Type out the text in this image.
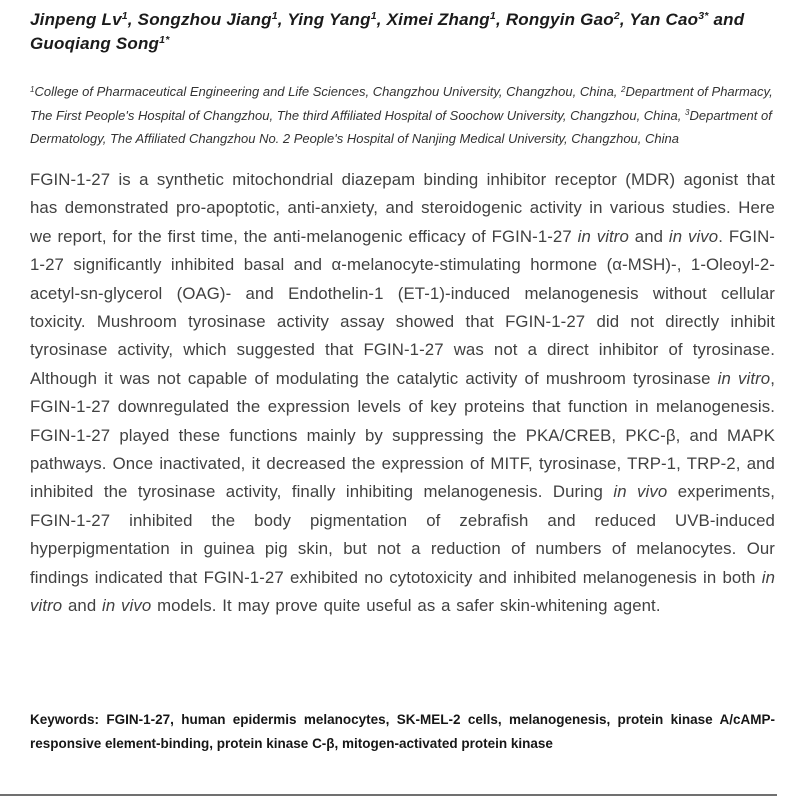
Jinpeng Lv$^1$, Songzhou Jiang$^1$, Ying Yang$^1$, Ximei Zhang$^1$, Rongyin Gao$^2$, Yan Cao$^{3*}$ and Guoqiang Song$^{1*}$

$^1$College of Pharmaceutical Engineering and Life Sciences, Changzhou University, Changzhou, China, $^2$Department of Pharmacy, The First People's Hospital of Changzhou, The third Affiliated Hospital of Soochow University, Changzhou, China, $^3$Department of Dermatology, The Affiliated Changzhou No. 2 People's Hospital of Nanjing Medical University, Changzhou, China

FGIN-1-27 is a synthetic mitochondrial diazepam binding inhibitor receptor (MDR) agonist that has demonstrated pro-apoptotic, anti-anxiety, and steroidogenic activity in various studies. Here we report, for the first time, the anti-melanogenic efficacy of FGIN-1-27 in vitro and in vivo. FGIN-1-27 significantly inhibited basal and α-melanocyte-stimulating hormone (α-MSH)-, 1-Oleoyl-2-acetyl-sn-glycerol (OAG)- and Endothelin-1 (ET-1)-induced melanogenesis without cellular toxicity. Mushroom tyrosinase activity assay showed that FGIN-1-27 did not directly inhibit tyrosinase activity, which suggested that FGIN-1-27 was not a direct inhibitor of tyrosinase. Although it was not capable of modulating the catalytic activity of mushroom tyrosinase in vitro, FGIN-1-27 downregulated the expression levels of key proteins that function in melanogenesis. FGIN-1-27 played these functions mainly by suppressing the PKA/CREB, PKC-β, and MAPK pathways. Once inactivated, it decreased the expression of MITF, tyrosinase, TRP-1, TRP-2, and inhibited the tyrosinase activity, finally inhibiting melanogenesis. During in vivo experiments, FGIN-1-27 inhibited the body pigmentation of zebrafish and reduced UVB-induced hyperpigmentation in guinea pig skin, but not a reduction of numbers of melanocytes. Our findings indicated that FGIN-1-27 exhibited no cytotoxicity and inhibited melanogenesis in both in vitro and in vivo models. It may prove quite useful as a safer skin-whitening agent.

Keywords: FGIN-1-27, human epidermis melanocytes, SK-MEL-2 cells, melanogenesis, protein kinase A/cAMP-responsive element-binding, protein kinase C-β, mitogen-activated protein kinase
